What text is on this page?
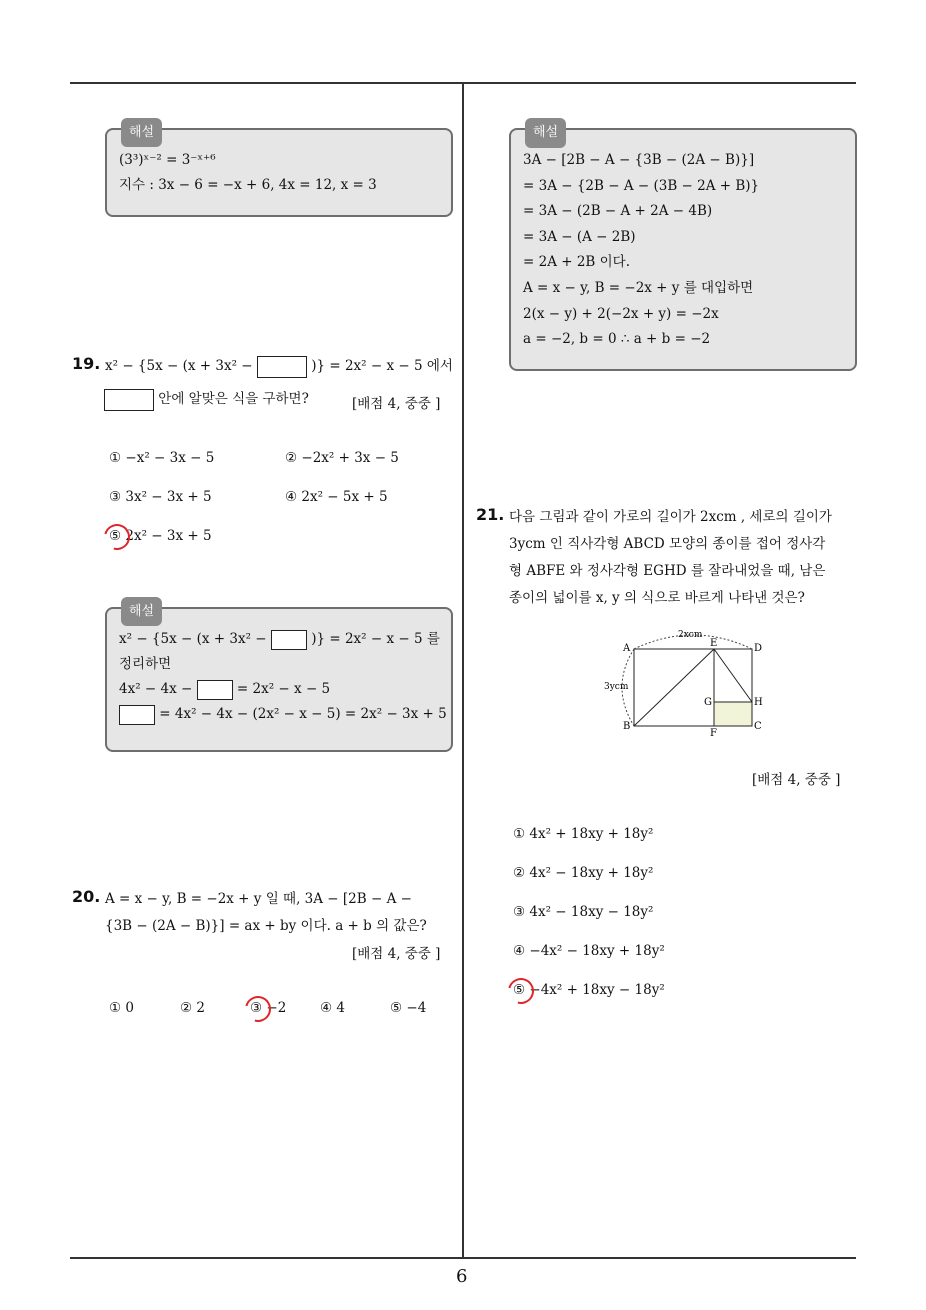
해설
(3³)ˣ⁻² = 3⁻ˣ⁺⁶
지수 : 3x − 6 = −x + 6, 4x = 12, x = 3
19. x² − {5x − (x + 3x² −	)} = 2x² − x − 5 에서
안에 알맞은 식을 구하면?	[배점 4, 중중 ]
① −x² − 3x − 5	② −2x² + 3x − 5
③ 3x² − 3x + 5	④ 2x² − 5x + 5
⑤ 2x² − 3x + 5
해설
x² − {5x − (x + 3x² −	)} = 2x² − x − 5 를
정리하면
4x² − 4x −	= 2x² − x − 5
= 4x² − 4x − (2x² − x − 5) = 2x² − 3x + 5
20. A = x − y, B = −2x + y 일 때, 3A − [2B − A −
{3B − (2A − B)}] = ax + by 이다. a + b 의 값은?
[배점 4, 중중 ]
① 0	② 2	③ −2 ④ 4	⑤ −4
해설
3A − [2B − A − {3B − (2A − B)}]
= 3A − {2B − A − (3B − 2A + B)}
= 3A − (2B − A + 2A − 4B)
= 3A − (A − 2B)
= 2A + 2B 이다.
A = x − y, B = −2x + y 를 대입하면
2(x − y) + 2(−2x + y) = −2x
a = −2, b = 0 ∴ a + b = −2
21. 다음 그림과 같이 가로의 길이가 2xcm , 세로의 길이가
3ycm 인 직사각형 ABCD 모양의 종이를 접어 정사각
형 ABFE 와 정사각형 EGHD 를 잘라내었을 때, 남은
종이의 넓이를 x, y 의 식으로 바르게 나타낸 것은?
A
B	C
D
E
F
G	H
2xcm
3ycm
[배점 4, 중중 ]
① 4x² + 18xy + 18y²
② 4x² − 18xy + 18y²
③ 4x² − 18xy − 18y²
④ −4x² − 18xy + 18y²
⑤ −4x² + 18xy − 18y²
6
